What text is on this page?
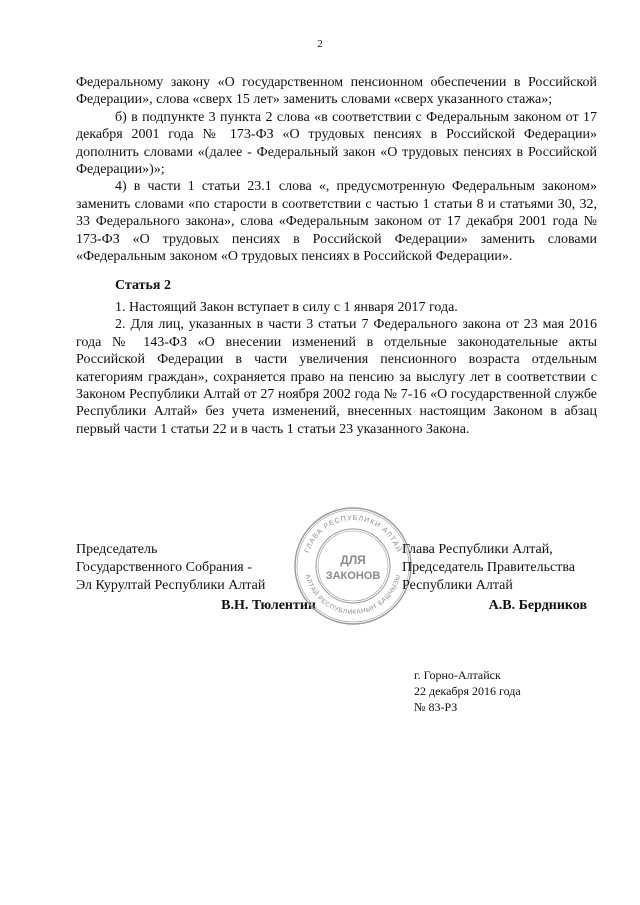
2

Федеральному закону «О государственном пенсионном обеспечении в Российской Федерации», слова «сверх 15 лет» заменить словами «сверх указанного стажа»;

б) в подпункте 3 пункта 2 слова «в соответствии с Федеральным законом от 17 декабря 2001 года № 173-ФЗ «О трудовых пенсиях в Российской Федерации» дополнить словами «(далее - Федеральный закон «О трудовых пенсиях в Российской Федерации»)»;

4) в части 1 статьи 23.1 слова «, предусмотренную Федеральным законом» заменить словами «по старости в соответствии с частью 1 статьи 8 и статьями 30, 32, 33 Федерального закона», слова «Федеральным законом от 17 декабря 2001 года № 173-ФЗ «О трудовых пенсиях в Российской Федерации» заменить словами «Федеральным законом «О трудовых пенсиях в Российской Федерации».

Статья 2

1. Настоящий Закон вступает в силу с 1 января 2017 года.

2. Для лиц, указанных в части 3 статьи 7 Федерального закона от 23 мая 2016 года № 143-ФЗ «О внесении изменений в отдельные законодательные акты Российской Федерации в части увеличения пенсионного возраста отдельным категориям граждан», сохраняется право на пенсию за выслугу лет в соответствии с Законом Республики Алтай от 27 ноября 2002 года № 7-16 «О государственной службе Республики Алтай» без учета изменений, внесенных настоящим Законом в абзац первый части 1 статьи 22 и в часть 1 статьи 23 указанного Закона.

Председатель
Государственного Собрания -
Эл Курултай Республики Алтай
В.Н. Тюлентин
ГЛАВА РЕСПУБЛИКИ АЛТАЙ
АЛТАЙ РЕСПУБЛИКАНЫҤ БАШЧЫЗЫ
ДЛЯ
ЗАКОНОВ
Глава Республики Алтай,
Председатель Правительства
Республики Алтай
А.В. Бердников
г. Горно-Алтайск
22 декабря 2016 года
№ 83-РЗ
